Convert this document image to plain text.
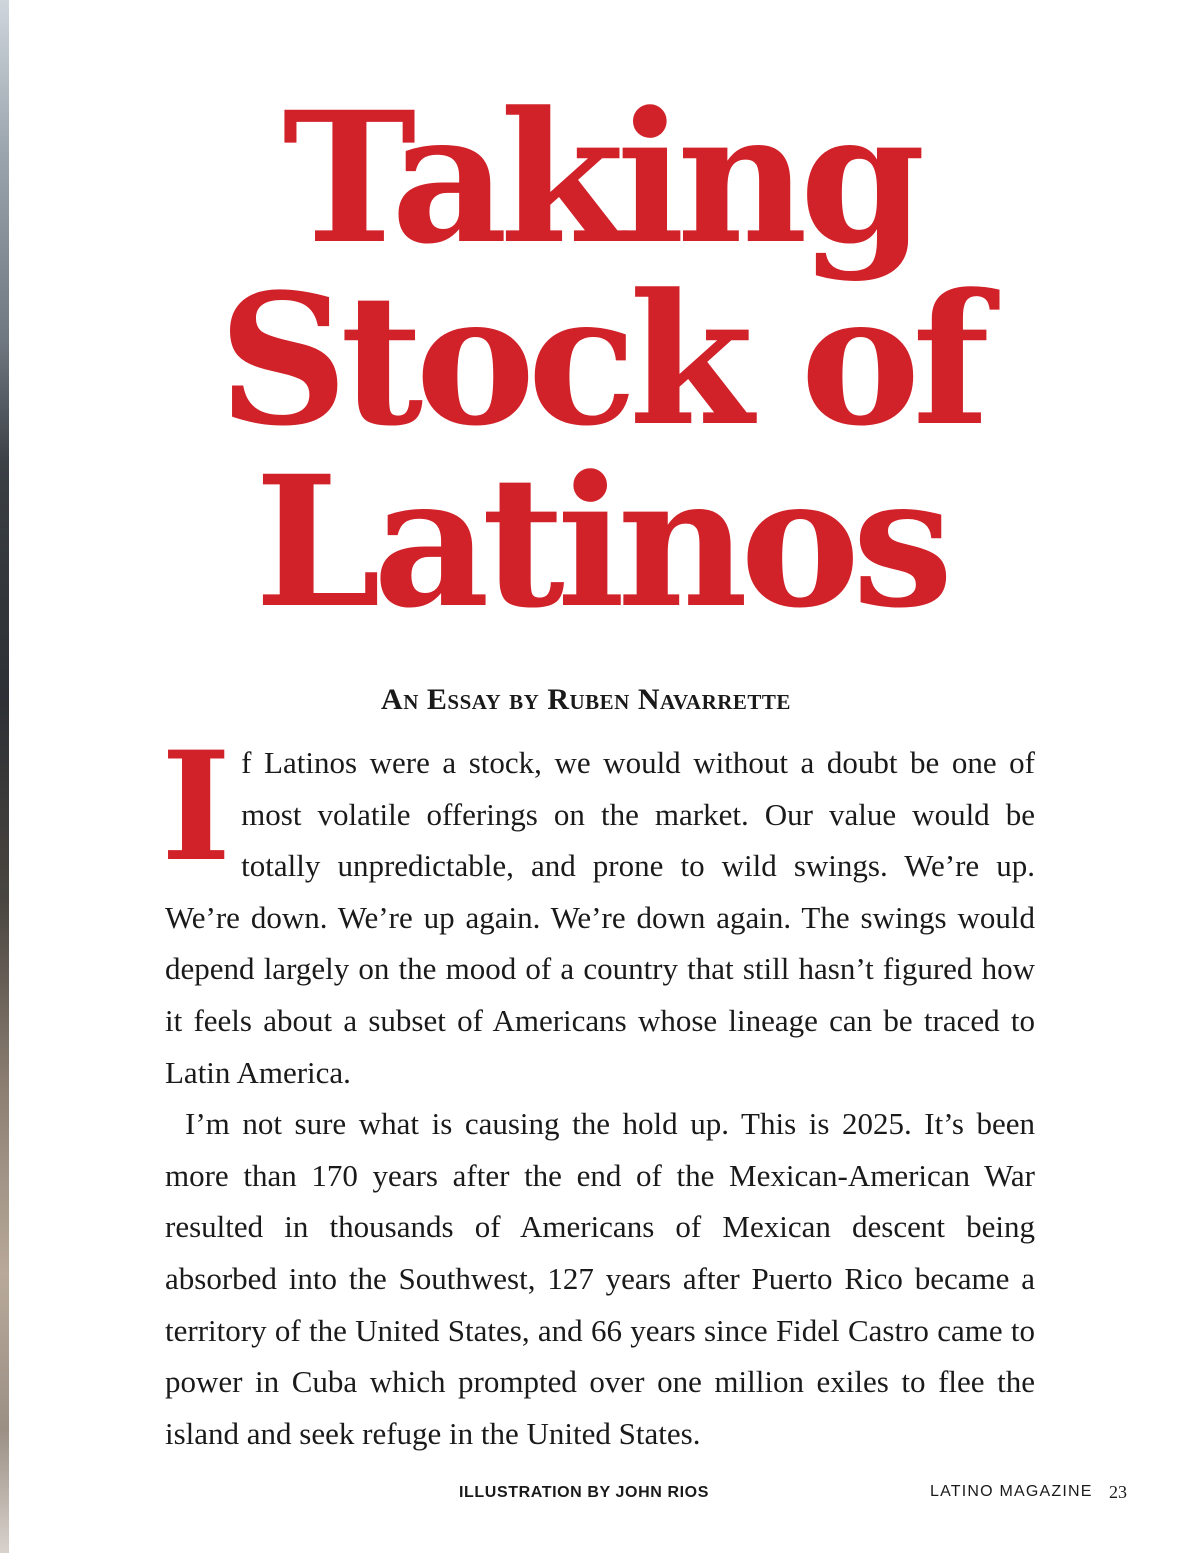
Taking
Stock of
Latinos
An Essay by Ruben Navarrette

If Latinos were a stock, we would without a doubt be one of most volatile offerings on the market. Our value would be totally unpredictable, and prone to wild swings. We’re up. We’re down. We’re up again. We’re down again. The swings would depend largely on the mood of a country that still hasn’t figured how it feels about a subset of Americans whose lineage can be traced to Latin America.

I’m not sure what is causing the hold up. This is 2025. It’s been more than 170 years after the end of the Mexican-American War resulted in thousands of Americans of Mexican descent being absorbed into the Southwest, 127 years after Puerto Rico became a territory of the United States, and 66 years since Fidel Castro came to power in Cuba which prompted over one million exiles to flee the island and seek refuge in the United States.

ILLUSTRATION BY JOHN RIOS	LATINO MAGAZINE 23
